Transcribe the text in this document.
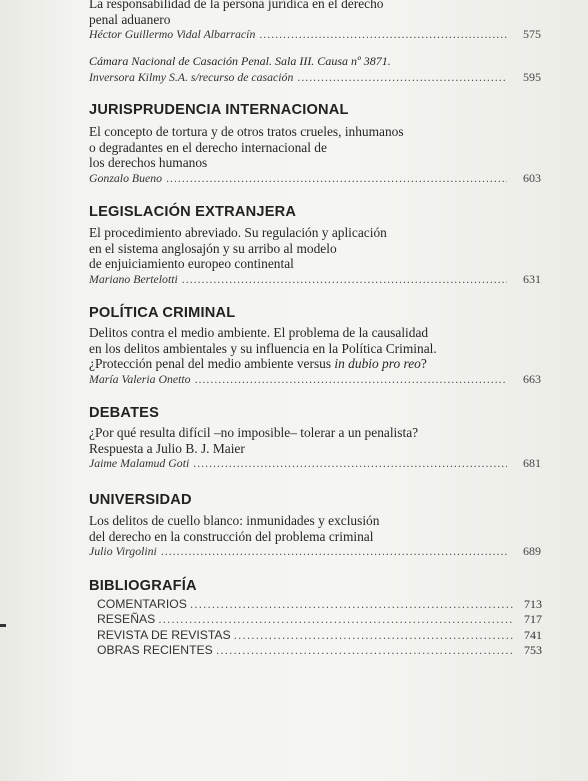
La responsabilidad de la persona jurídica en el derecho
penal aduanero
Héctor Guillermo Vidal Albarracín .....	575
Cámara Nacional de Casación Penal. Sala III. Causa nº 3871.
Inversora Kilmy S.A. s/recurso de casación .....	595
JURISPRUDENCIA INTERNACIONAL
El concepto de tortura y de otros tratos crueles, inhumanos
o degradantes en el derecho internacional de
los derechos humanos
Gonzalo Bueno .....	603
LEGISLACIÓN EXTRANJERA
El procedimiento abreviado. Su regulación y aplicación
en el sistema anglosajón y su arribo al modelo
de enjuiciamiento europeo continental
Mariano Bertelotti .....	631
POLÍTICA CRIMINAL
Delitos contra el medio ambiente. El problema de la causalidad
en los delitos ambientales y su influencia en la Política Criminal.
¿Protección penal del medio ambiente versus in dubio pro reo?
María Valeria Onetto .....	663
DEBATES
¿Por qué resulta difícil –no imposible– tolerar a un penalista?
Respuesta a Julio B. J. Maier
Jaime Malamud Goti .....	681
UNIVERSIDAD
Los delitos de cuello blanco: inmunidades y exclusión
del derecho en la construcción del problema criminal
Julio Virgolini .....	689
BIBLIOGRAFÍA
COMENTARIOS .....	713
RESEÑAS .....	717
REVISTA DE REVISTAS .....	741
OBRAS RECIENTES .....	753
